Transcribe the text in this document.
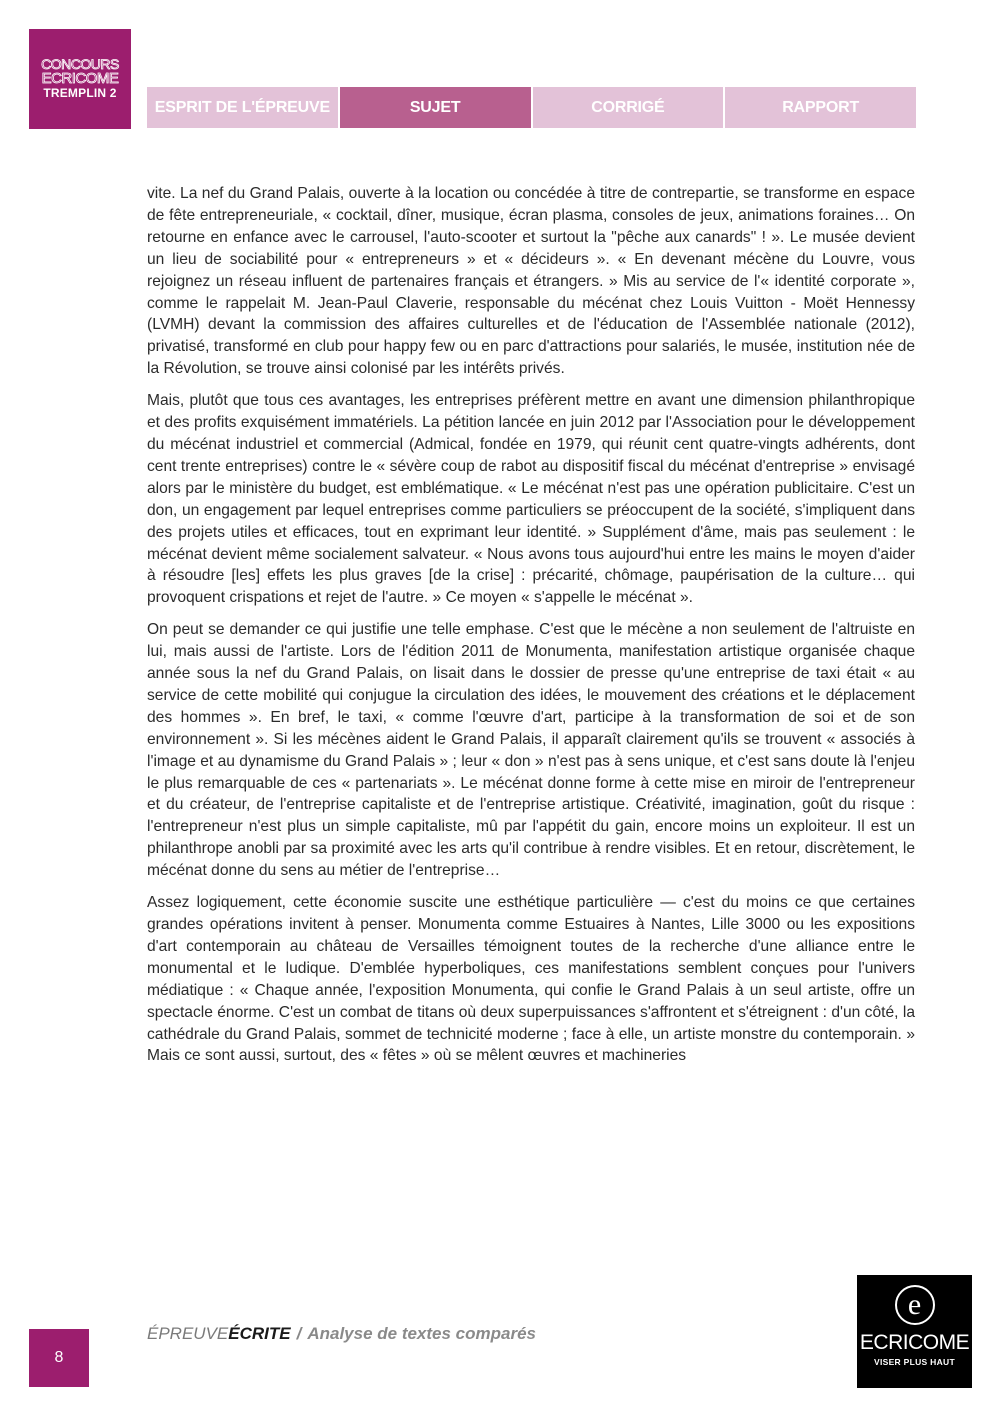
CONCOURS
ECRICOME
TREMPLIN 2
ESPRIT DE L'ÉPREUVE	SUJET	CORRIGÉ	RAPPORT

vite. La nef du Grand Palais, ouverte à la location ou concédée à titre de contrepartie, se transforme en espace de fête entrepreneuriale, « cocktail, dîner, musique, écran plasma, consoles de jeux, animations foraines… On retourne en enfance avec le carrousel, l'auto-scooter et surtout la "pêche aux canards" ! ». Le musée devient un lieu de sociabilité pour « entrepreneurs » et « décideurs ». « En devenant mécène du Louvre, vous rejoignez un réseau influent de partenaires français et étrangers. » Mis au service de l'« identité corporate », comme le rappelait M. Jean-Paul Claverie, responsable du mécénat chez Louis Vuitton - Moët Hennessy (LVMH) devant la commission des affaires culturelles et de l'éducation de l'Assemblée nationale (2012), privatisé, transformé en club pour happy few ou en parc d'attractions pour salariés, le musée, institution née de la Révolution, se trouve ainsi colonisé par les intérêts privés.

Mais, plutôt que tous ces avantages, les entreprises préfèrent mettre en avant une dimension philanthropique et des profits exquisément immatériels. La pétition lancée en juin 2012 par l'Association pour le développement du mécénat industriel et commercial (Admical, fondée en 1979, qui réunit cent quatre-vingts adhérents, dont cent trente entreprises) contre le « sévère coup de rabot au dispositif fiscal du mécénat d'entreprise » envisagé alors par le ministère du budget, est emblématique. « Le mécénat n'est pas une opération publicitaire. C'est un don, un engagement par lequel entreprises comme particuliers se préoccupent de la société, s'impliquent dans des projets utiles et efficaces, tout en exprimant leur identité. » Supplément d'âme, mais pas seulement : le mécénat devient même socialement salvateur. « Nous avons tous aujourd'hui entre les mains le moyen d'aider à résoudre [les] effets les plus graves [de la crise] : précarité, chômage, paupérisation de la culture… qui provoquent crispations et rejet de l'autre. » Ce moyen « s'appelle le mécénat ».

On peut se demander ce qui justifie une telle emphase. C'est que le mécène a non seulement de l'altruiste en lui, mais aussi de l'artiste. Lors de l'édition 2011 de Monumenta, manifestation artistique organisée chaque année sous la nef du Grand Palais, on lisait dans le dossier de presse qu'une entreprise de taxi était « au service de cette mobilité qui conjugue la circulation des idées, le mouvement des créations et le déplacement des hommes ». En bref, le taxi, « comme l'œuvre d'art, participe à la transformation de soi et de son environnement ». Si les mécènes aident le Grand Palais, il apparaît clairement qu'ils se trouvent « associés à l'image et au dynamisme du Grand Palais » ; leur « don » n'est pas à sens unique, et c'est sans doute là l'enjeu le plus remarquable de ces « partenariats ». Le mécénat donne forme à cette mise en miroir de l'entrepreneur et du créateur, de l'entreprise capitaliste et de l'entreprise artistique. Créativité, imagination, goût du risque : l'entrepreneur n'est plus un simple capitaliste, mû par l'appétit du gain, encore moins un exploiteur. Il est un philanthrope anobli par sa proximité avec les arts qu'il contribue à rendre visibles. Et en retour, discrètement, le mécénat donne du sens au métier de l'entreprise…

Assez logiquement, cette économie suscite une esthétique particulière — c'est du moins ce que certaines grandes opérations invitent à penser. Monumenta comme Estuaires à Nantes, Lille 3000 ou les expositions d'art contemporain au château de Versailles témoignent toutes de la recherche d'une alliance entre le monumental et le ludique. D'emblée hyperboliques, ces manifestations semblent conçues pour l'univers médiatique : « Chaque année, l'exposition Monumenta, qui confie le Grand Palais à un seul artiste, offre un spectacle énorme. C'est un combat de titans où deux superpuissances s'affrontent et s'étreignent : d'un côté, la cathédrale du Grand Palais, sommet de technicité moderne ; face à elle, un artiste monstre du contemporain. » Mais ce sont aussi, surtout, des « fêtes » où se mêlent œuvres et machineries

8
ÉPREUVEÉCRITE / Analyse de textes comparés
e
ECRICOME
VISER PLUS HAUT
